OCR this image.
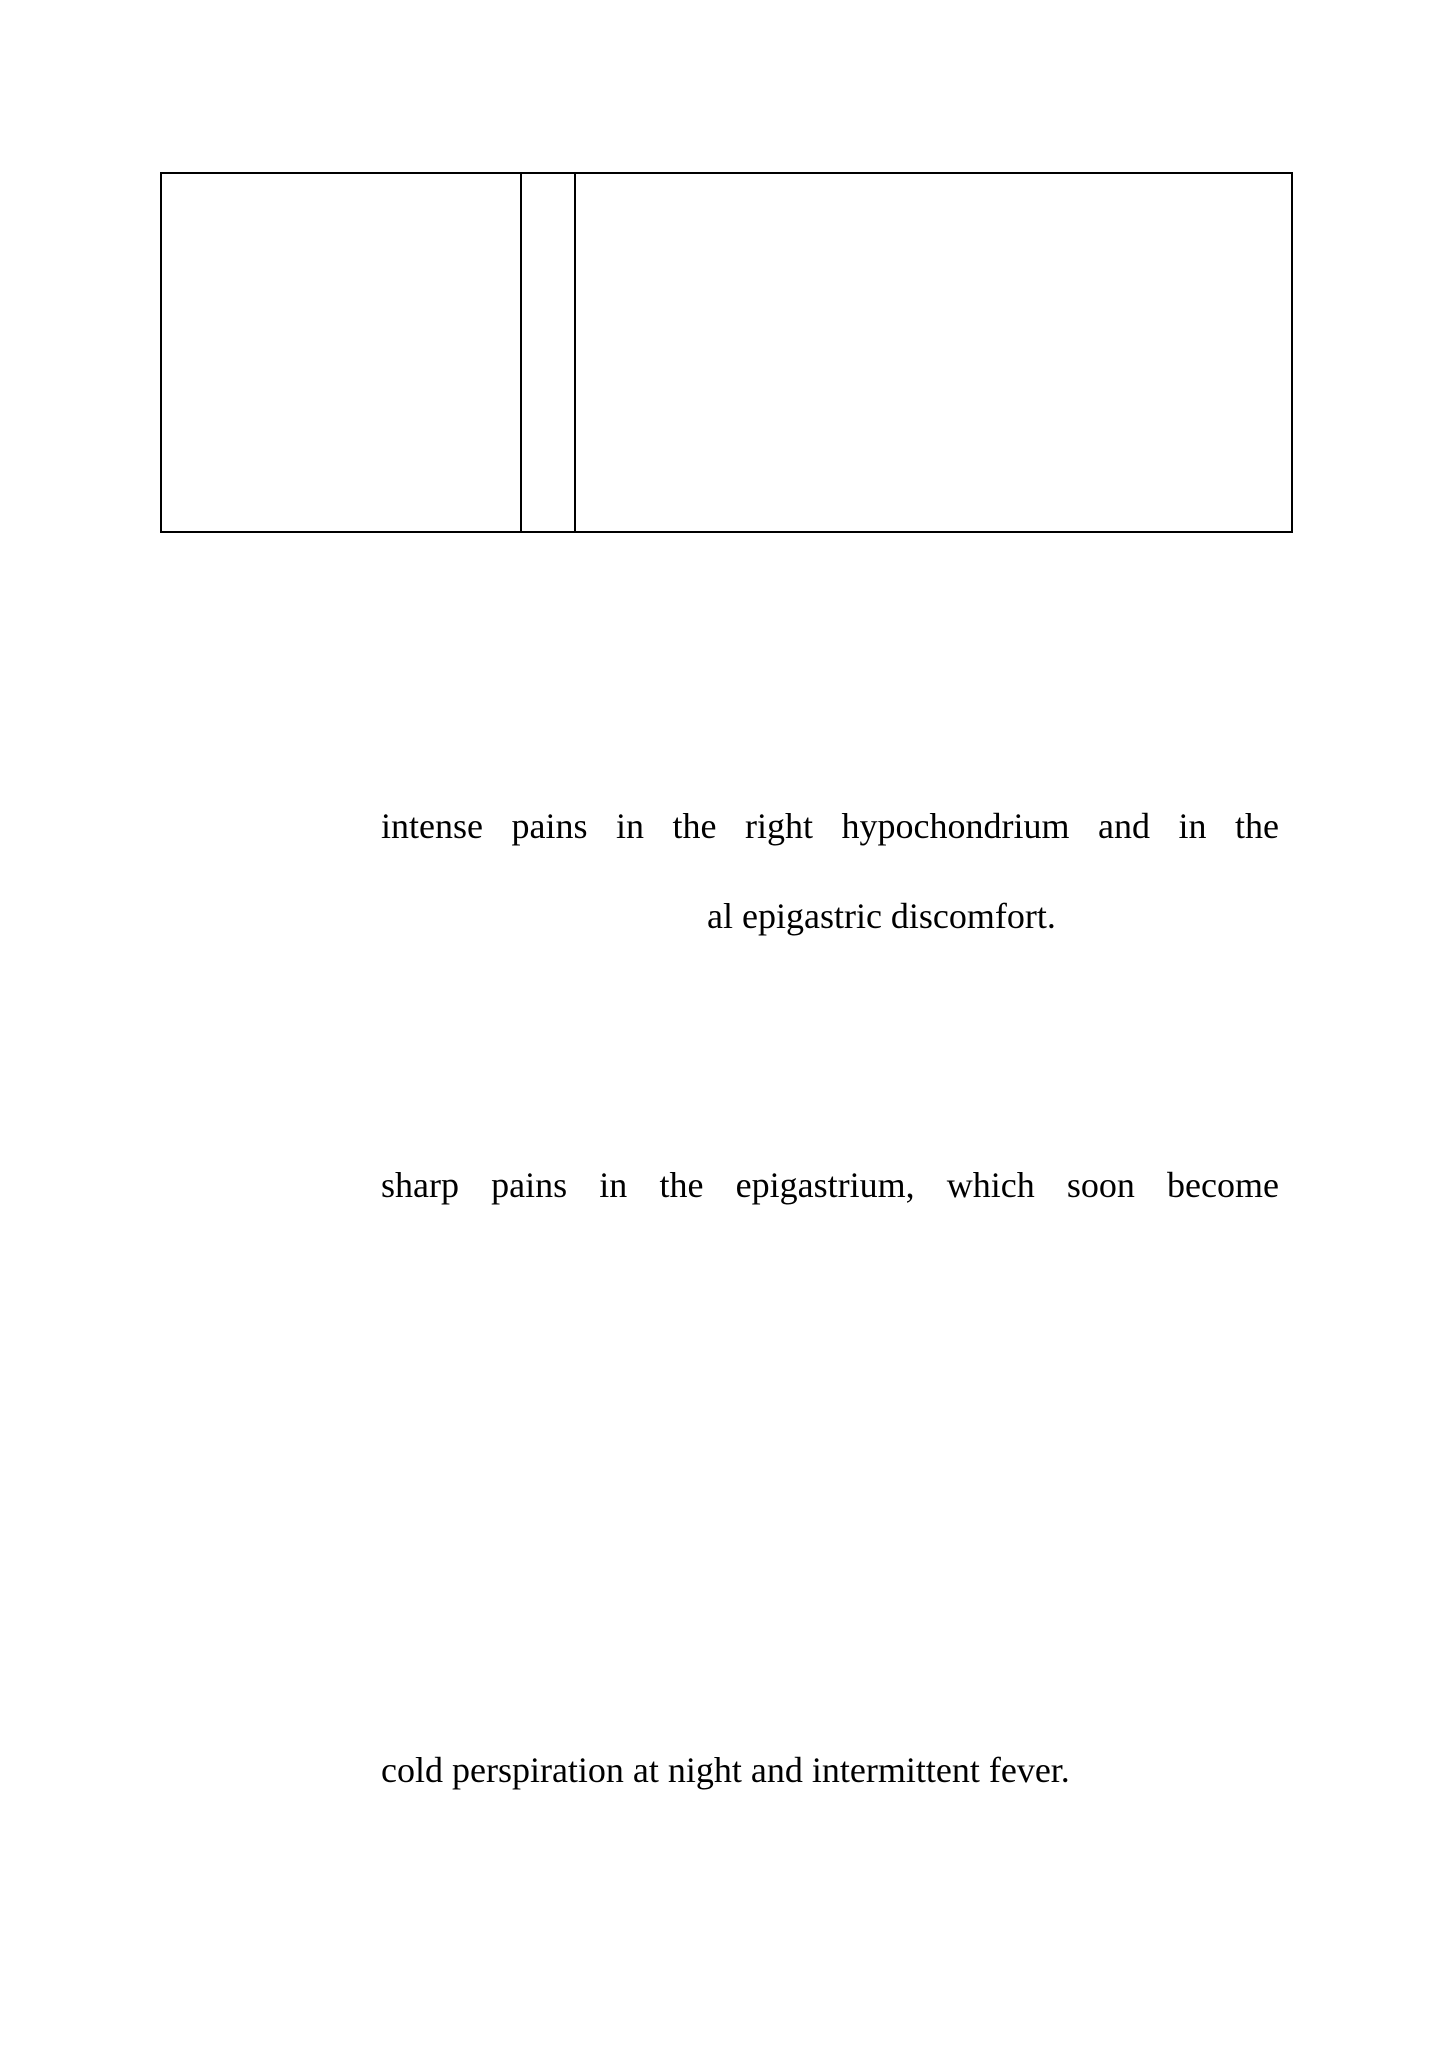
intense pains in the right hypochondrium and in the
al epigastric discomfort.
sharp pains in the epigastrium, which soon become
cold perspiration at night and intermittent fever.
